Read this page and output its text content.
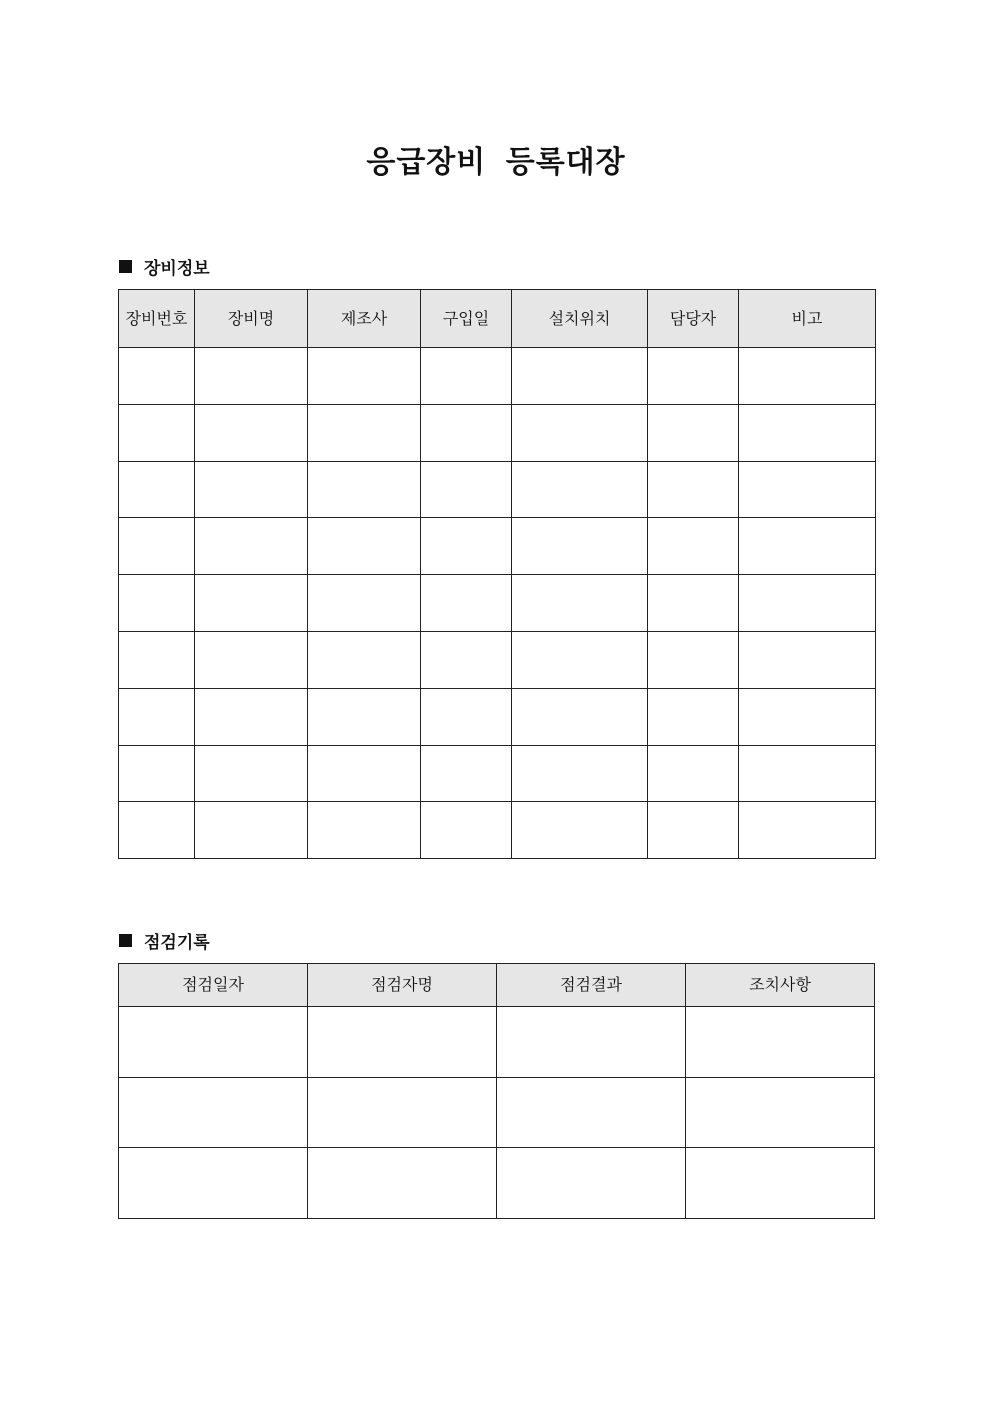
응급장비 등록대장
장비정보
장비번호	장비명	제조사	구입일	설치위치	담당자	비고

점검기록
점검일자	점검자명	점검결과	조치사항
